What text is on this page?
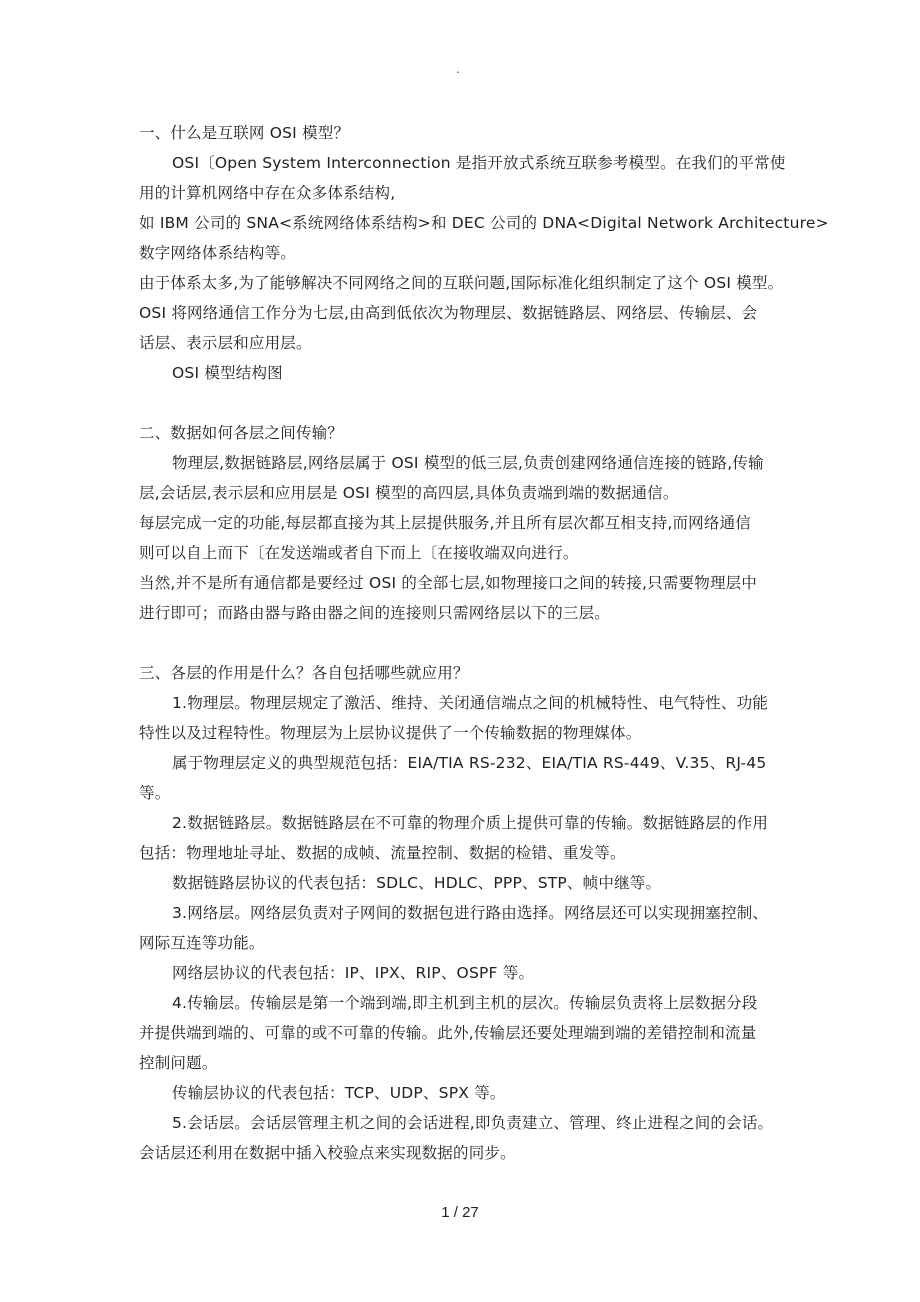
.
一、什么是互联网 OSI 模型？
OSI〔Open System Interconnection 是指开放式系统互联参考模型。在我们的平常使
用的计算机网络中存在众多体系结构,
如 IBM 公司的 SNA<系统网络体系结构>和 DEC 公司的 DNA<Digital Network Architecture>
数字网络体系结构等。
由于体系太多,为了能够解决不同网络之间的互联问题,国际标准化组织制定了这个 OSI 模型。
OSI 将网络通信工作分为七层,由高到低依次为物理层、数据链路层、网络层、传输层、会
话层、表示层和应用层。
OSI 模型结构图
二、数据如何各层之间传输？
物理层,数据链路层,网络层属于 OSI 模型的低三层,负责创建网络通信连接的链路,传输
层,会话层,表示层和应用层是 OSI 模型的高四层,具体负责端到端的数据通信。
每层完成一定的功能,每层都直接为其上层提供服务,并且所有层次都互相支持,而网络通信
则可以自上而下〔在发送端或者自下而上〔在接收端双向进行。
当然,并不是所有通信都是要经过 OSI 的全部七层,如物理接口之间的转接,只需要物理层中
进行即可；而路由器与路由器之间的连接则只需网络层以下的三层。
三、各层的作用是什么？各自包括哪些就应用？
1.物理层。物理层规定了激活、维持、关闭通信端点之间的机械特性、电气特性、功能
特性以及过程特性。物理层为上层协议提供了一个传输数据的物理媒体。
属于物理层定义的典型规范包括：EIA/TIA RS-232、EIA/TIA RS-449、V.35、RJ-45
等。
2.数据链路层。数据链路层在不可靠的物理介质上提供可靠的传输。数据链路层的作用
包括：物理地址寻址、数据的成帧、流量控制、数据的检错、重发等。
数据链路层协议的代表包括：SDLC、HDLC、PPP、STP、帧中继等。
3.网络层。网络层负责对子网间的数据包进行路由选择。网络层还可以实现拥塞控制、
网际互连等功能。
网络层协议的代表包括：IP、IPX、RIP、OSPF 等。
4.传输层。传输层是第一个端到端,即主机到主机的层次。传输层负责将上层数据分段
并提供端到端的、可靠的或不可靠的传输。此外,传输层还要处理端到端的差错控制和流量
控制问题。
传输层协议的代表包括：TCP、UDP、SPX 等。
5.会话层。会话层管理主机之间的会话进程,即负责建立、管理、终止进程之间的会话。
会话层还利用在数据中插入校验点来实现数据的同步。
1 / 27
